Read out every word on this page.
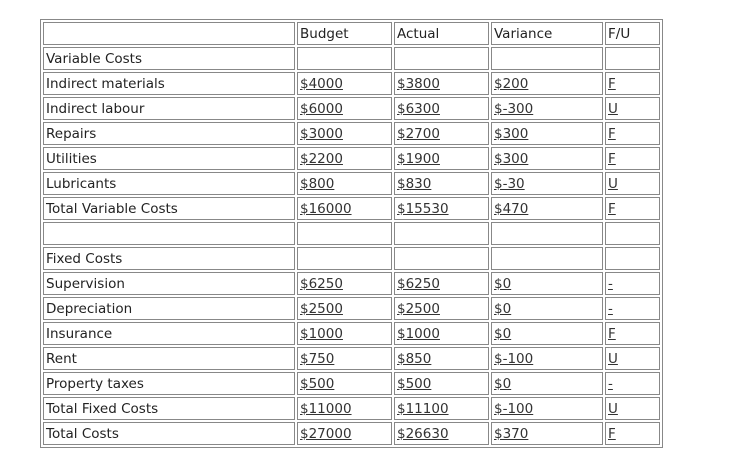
	Budget	Actual	Variance	F/U
Variable Costs				
Indirect materials	$4000	$3800	$200	F
Indirect labour	$6000	$6300	$-300	U
Repairs	$3000	$2700	$300	F
Utilities	$2200	$1900	$300	F
Lubricants	$800	$830	$-30	U
Total Variable Costs	$16000	$15530	$470	F

Fixed Costs				
Supervision	$6250	$6250	$0	-
Depreciation	$2500	$2500	$0	-
Insurance	$1000	$1000	$0	F
Rent	$750	$850	$-100	U
Property taxes	$500	$500	$0	-
Total Fixed Costs	$11000	$11100	$-100	U
Total Costs	$27000	$26630	$370	F
